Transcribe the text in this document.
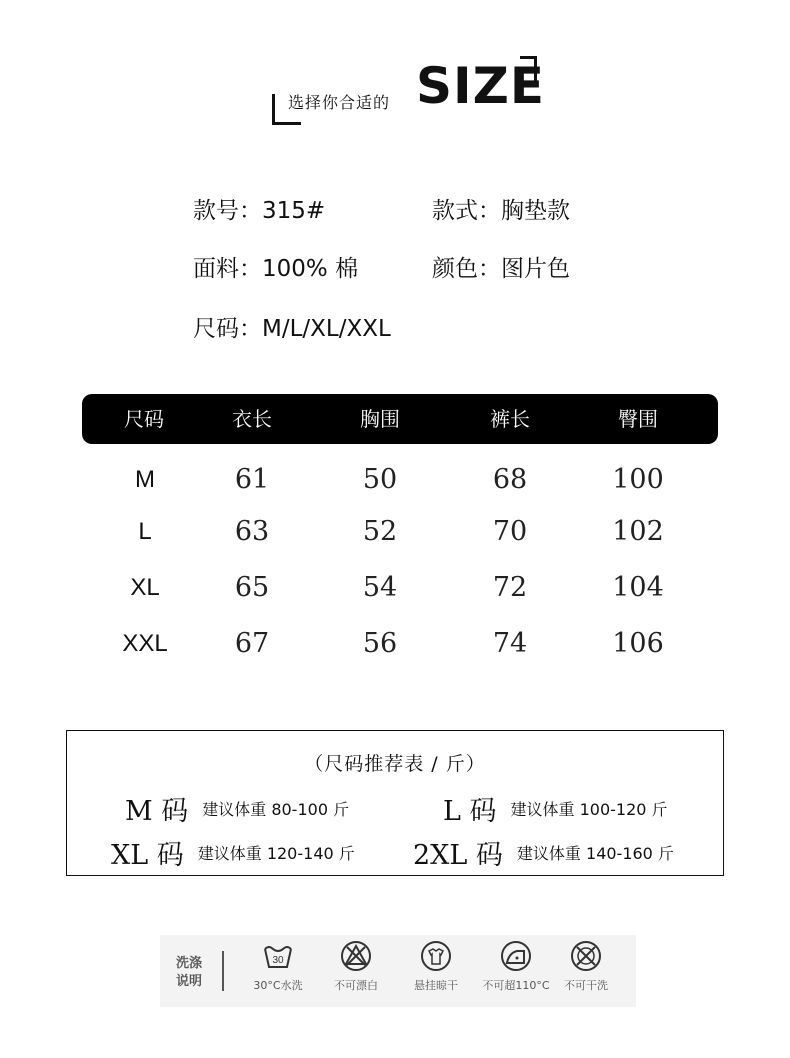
选择你合适的 SIZE
款号：315#	款式：胸垫款
面料：100% 棉	颜色：图片色
尺码：M/L/XL/XXL
尺码	衣长	胸围	裤长	臀围
M	61	50	68	100
L	63	52	70	102
XL	65	54	72	104
XXL	67	56	74	106
（尺码推荐表 / 斤）
M 码 建议体重 80-100 斤	L 码 建议体重 100-120 斤
XL 码 建议体重 120-140 斤 2XL 码 建议体重 140-160 斤
洗涤
说明
30
30°C水洗	不可漂白	悬挂晾干	不可超110°C	不可干洗
